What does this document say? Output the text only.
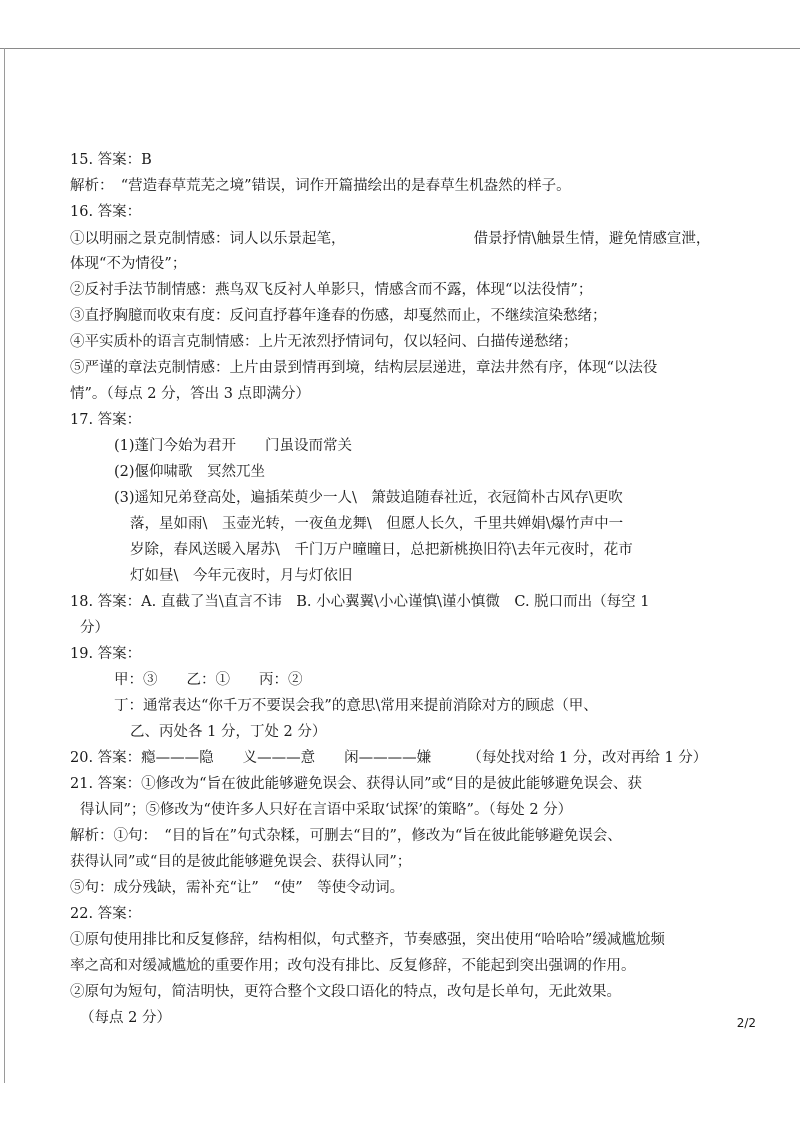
15. 答案：B
解析：　“营造春草荒芜之境”错误，词作开篇描绘出的是春草生机盎然的样子。
16. 答案：
①以明丽之景克制情感：词人以乐景起笔，	借景抒情\触景生情，避免情感宣泄，
体现“不为情役”；
②反衬手法节制情感：燕鸟双飞反衬人单影只，情感含而不露，体现“以法役情”；
③直抒胸臆而收束有度：反问直抒暮年逢春的伤感，却戛然而止，不继续渲染愁绪；
④平实质朴的语言克制情感：上片无浓烈抒情词句，仅以轻问、白描传递愁绪；
⑤严谨的章法克制情感：上片由景到情再到境，结构层层递进，章法井然有序，体现“以法役
情”。（每点 2 分，答出 3 点即满分）
17. 答案：
(1)蓬门今始为君开　　门虽设而常关
(2)偃仰啸歌　冥然兀坐
(3)遥知兄弟登高处，遍插茱萸少一人\　箫鼓追随春社近，衣冠简朴古风存\更吹
落，星如雨\　玉壶光转，一夜鱼龙舞\　但愿人长久，千里共婵娟\爆竹声中一
岁除，春风送暖入屠苏\　千门万户曈曈日，总把新桃换旧符\去年元夜时，花市
灯如昼\　今年元夜时，月与灯依旧
18. 答案：A. 直截了当\直言不讳　B. 小心翼翼\小心谨慎\谨小慎微　C. 脱口而出（每空 1
分）
19. 答案：
甲：③　　乙：①　　丙：②
丁：通常表达“你千万不要误会我”的意思\常用来提前消除对方的顾虑（甲、
乙、丙处各 1 分，丁处 2 分）
20. 答案：瘾———隐　　义———意　　闲————嫌　　　（每处找对给 1 分，改对再给 1 分）
21. 答案：①修改为“旨在彼此能够避免误会、获得认同”或“目的是彼此能够避免误会、获
得认同”；⑤修改为“使许多人只好在言语中采取‘试探’的策略”。（每处 2 分）
解析：①句：　“目的旨在”句式杂糅，可删去“目的”，修改为“旨在彼此能够避免误会、
获得认同”或“目的是彼此能够避免误会、获得认同”；
⑤句：成分残缺，需补充“让”　“使”　等使令动词。
22. 答案：
①原句使用排比和反复修辞，结构相似，句式整齐，节奏感强，突出使用“哈哈哈”缓减尴尬频
率之高和对缓减尴尬的重要作用；改句没有排比、反复修辞，不能起到突出强调的作用。
②原句为短句，简洁明快，更符合整个文段口语化的特点，改句是长单句，无此效果。
（每点 2 分）	2/2
